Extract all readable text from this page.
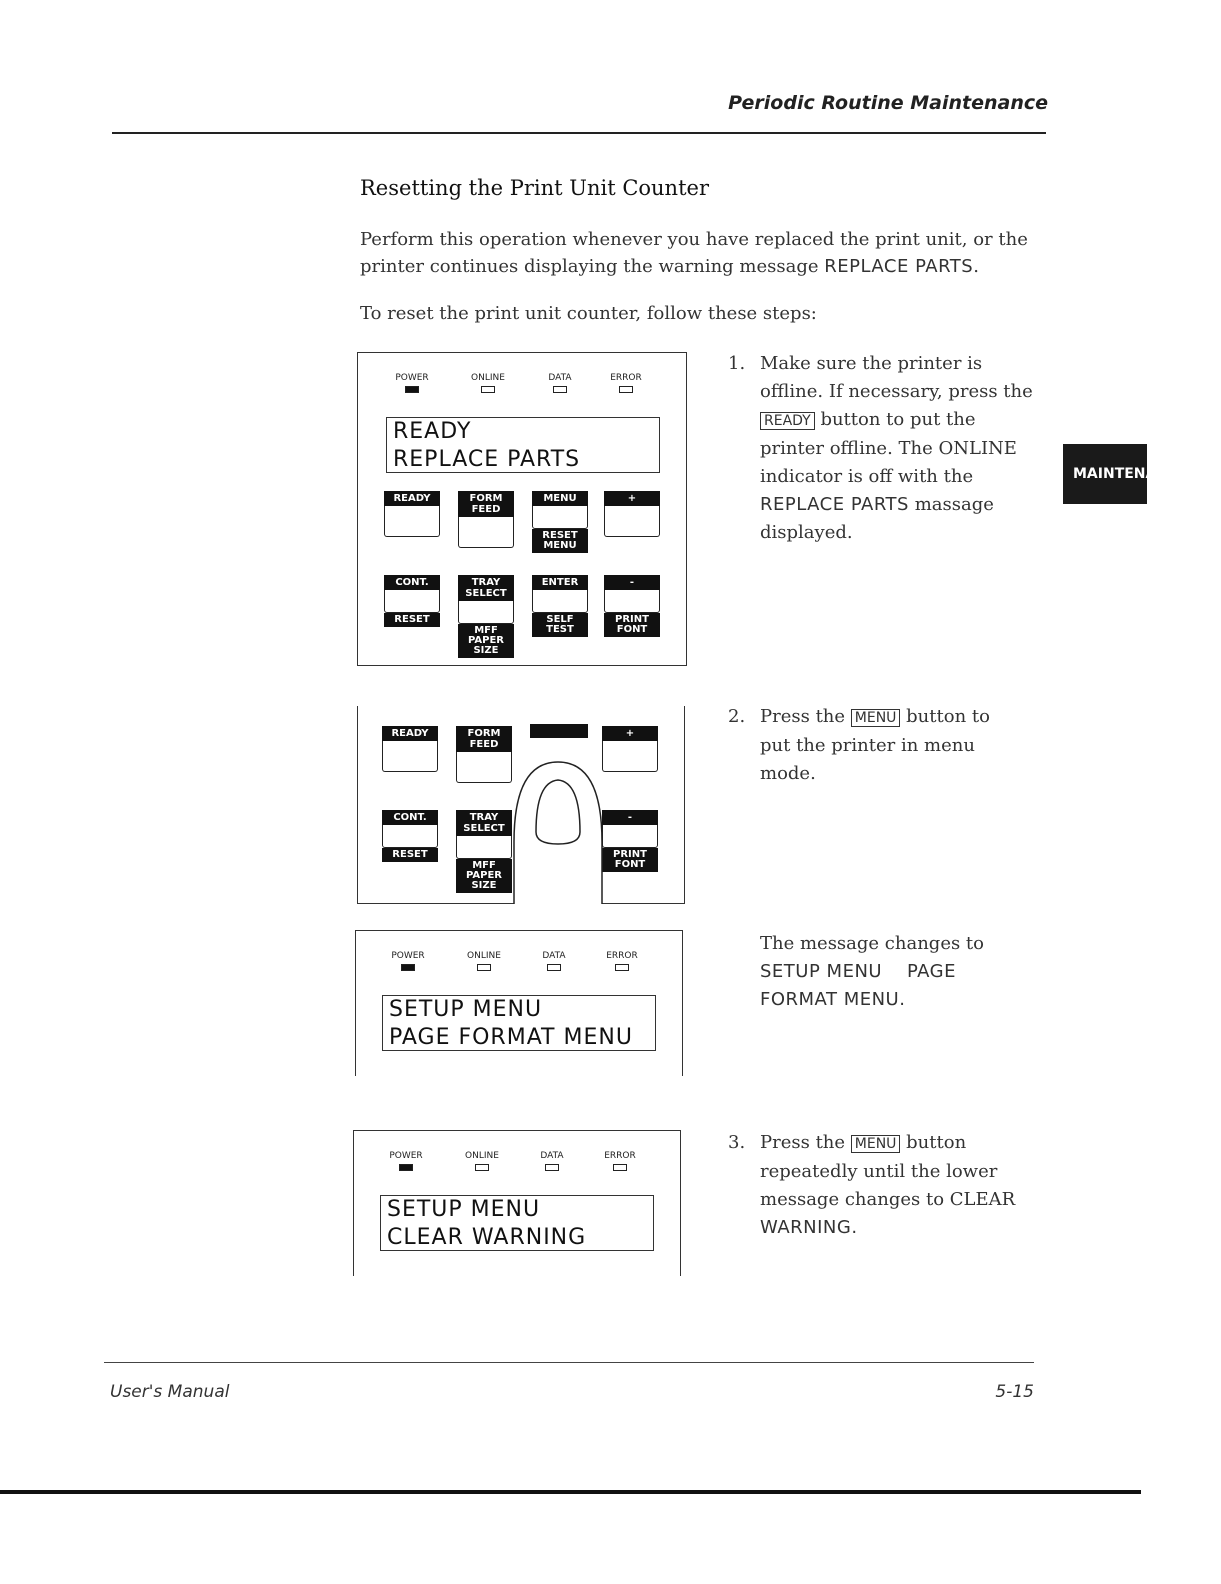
Periodic Routine Maintenance
Resetting the Print Unit Counter
Perform this operation whenever you have replaced the print unit, or the
printer continues displaying the warning message REPLACE PARTS.
To reset the print unit counter, follow these steps:
MAINTENANCE
POWER	ONLINE	DATA	ERROR
READY
REPLACE PARTS
READY	FORM FEED
MENU
RESET MENU
+
CONT.
RESET
TRAY SELECT
MFF PAPER SIZE
ENTER
SELF TEST
-
PRINT FONT
READY	FORM FEED
+
CONT.
RESET
TRAY SELECT
MFF PAPER SIZE
-
PRINT FONT
POWER	ONLINE	DATA	ERROR
SETUP MENU
PAGE FORMAT MENU
POWER	ONLINE	DATA	ERROR
SETUP MENU
CLEAR WARNING
1. Make sure the printer is
offline. If necessary, press the
READY button to put the
printer offline. The ONLINE
indicator is off with the
REPLACE PARTS massage
displayed.
2. Press the MENU button to
put the printer in menu
mode.
The message changes to
SETUP MENU    PAGE
FORMAT MENU.
3. Press the MENU button
repeatedly until the lower
message changes to CLEAR
WARNING.
User's Manual	5-15
